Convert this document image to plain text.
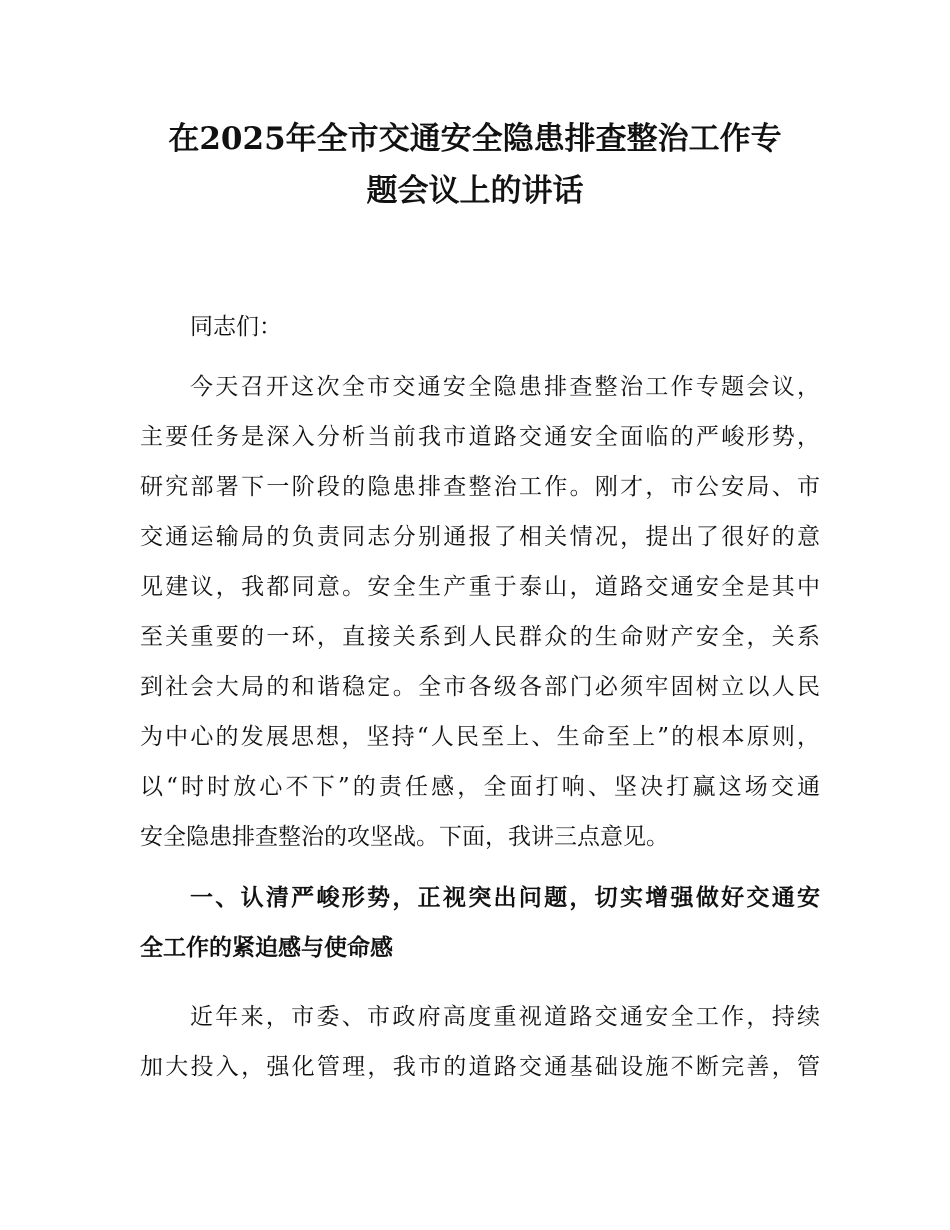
在2025年全市交通安全隐患排查整治工作专
题会议上的讲话

同志们：

今天召开这次全市交通安全隐患排查整治工作专题会议，
主要任务是深入分析当前我市道路交通安全面临的严峻形势，
研究部署下一阶段的隐患排查整治工作。刚才，市公安局、市
交通运输局的负责同志分别通报了相关情况，提出了很好的意
见建议，我都同意。安全生产重于泰山，道路交通安全是其中
至关重要的一环，直接关系到人民群众的生命财产安全，关系
到社会大局的和谐稳定。全市各级各部门必须牢固树立以人民
为中心的发展思想，坚持“人民至上、生命至上”的根本原则，
以“时时放心不下”的责任感，全面打响、坚决打赢这场交通
安全隐患排查整治的攻坚战。下面，我讲三点意见。
一、认清严峻形势，正视突出问题，切实增强做好交通安
全工作的紧迫感与使命感
近年来，市委、市政府高度重视道路交通安全工作，持续
加大投入，强化管理，我市的道路交通基础设施不断完善，管
